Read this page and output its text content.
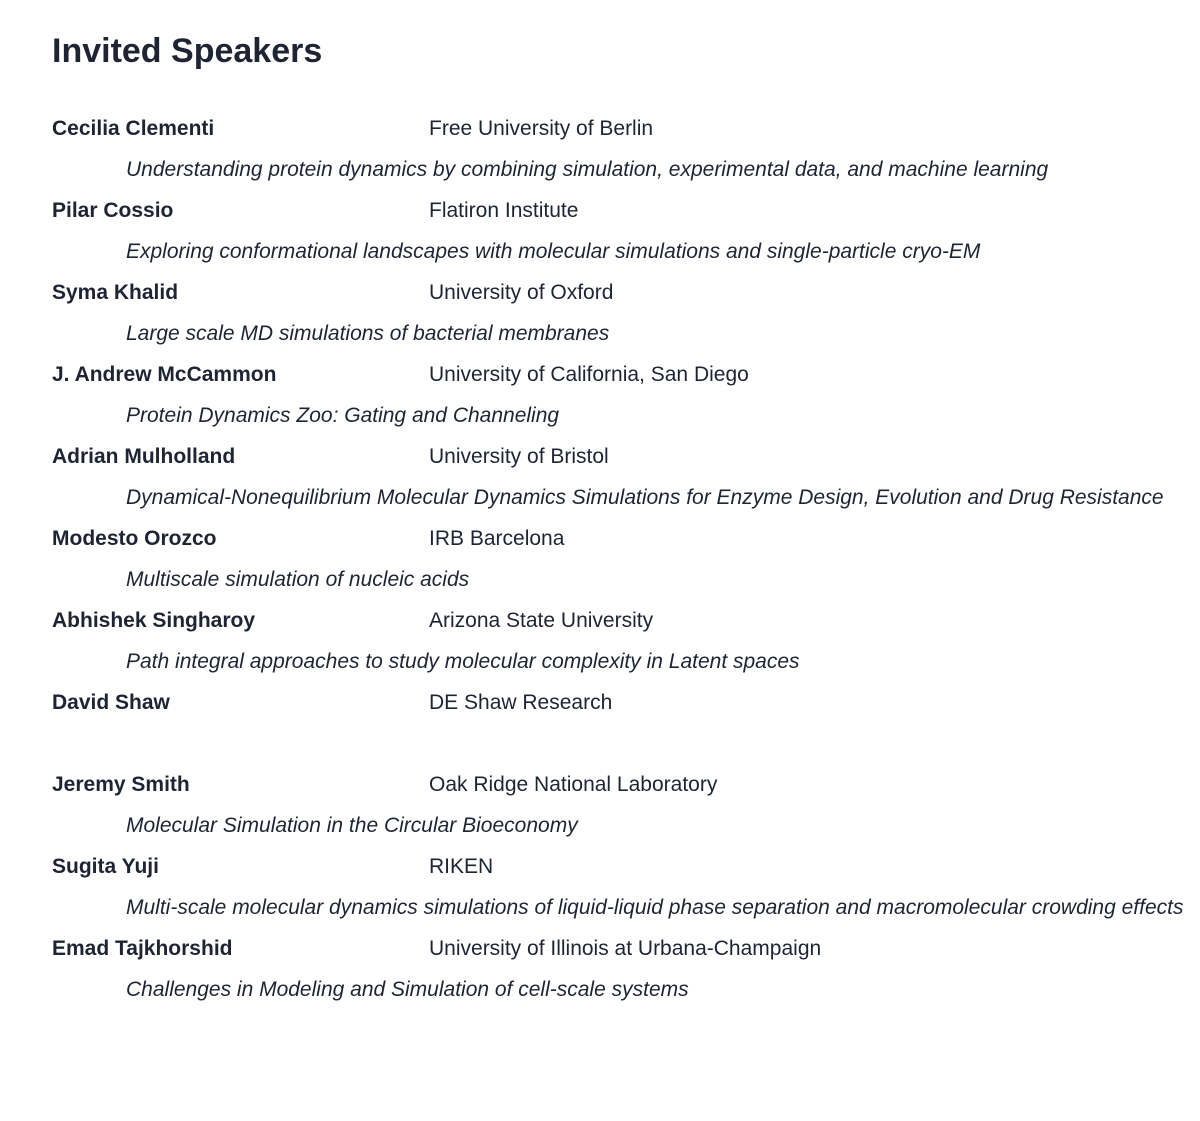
Invited Speakers
Cecilia Clementi	Free University of Berlin
Understanding protein dynamics by combining simulation, experimental data, and machine learning
Pilar Cossio	Flatiron Institute
Exploring conformational landscapes with molecular simulations and single-particle cryo-EM
Syma Khalid	University of Oxford
Large scale MD simulations of bacterial membranes
J. Andrew McCammon	University of California, San Diego
Protein Dynamics Zoo: Gating and Channeling
Adrian Mulholland	University of Bristol
Dynamical-Nonequilibrium Molecular Dynamics Simulations for Enzyme Design, Evolution and Drug Resistance
Modesto Orozco	IRB Barcelona
Multiscale simulation of nucleic acids
Abhishek Singharoy	Arizona State University
Path integral approaches to study molecular complexity in Latent spaces
David Shaw	DE Shaw Research
Jeremy Smith	Oak Ridge National Laboratory
Molecular Simulation in the Circular Bioeconomy
Sugita Yuji	RIKEN
Multi-scale molecular dynamics simulations of liquid-liquid phase separation and macromolecular crowding effects
Emad Tajkhorshid	University of Illinois at Urbana-Champaign
Challenges in Modeling and Simulation of cell-scale systems
